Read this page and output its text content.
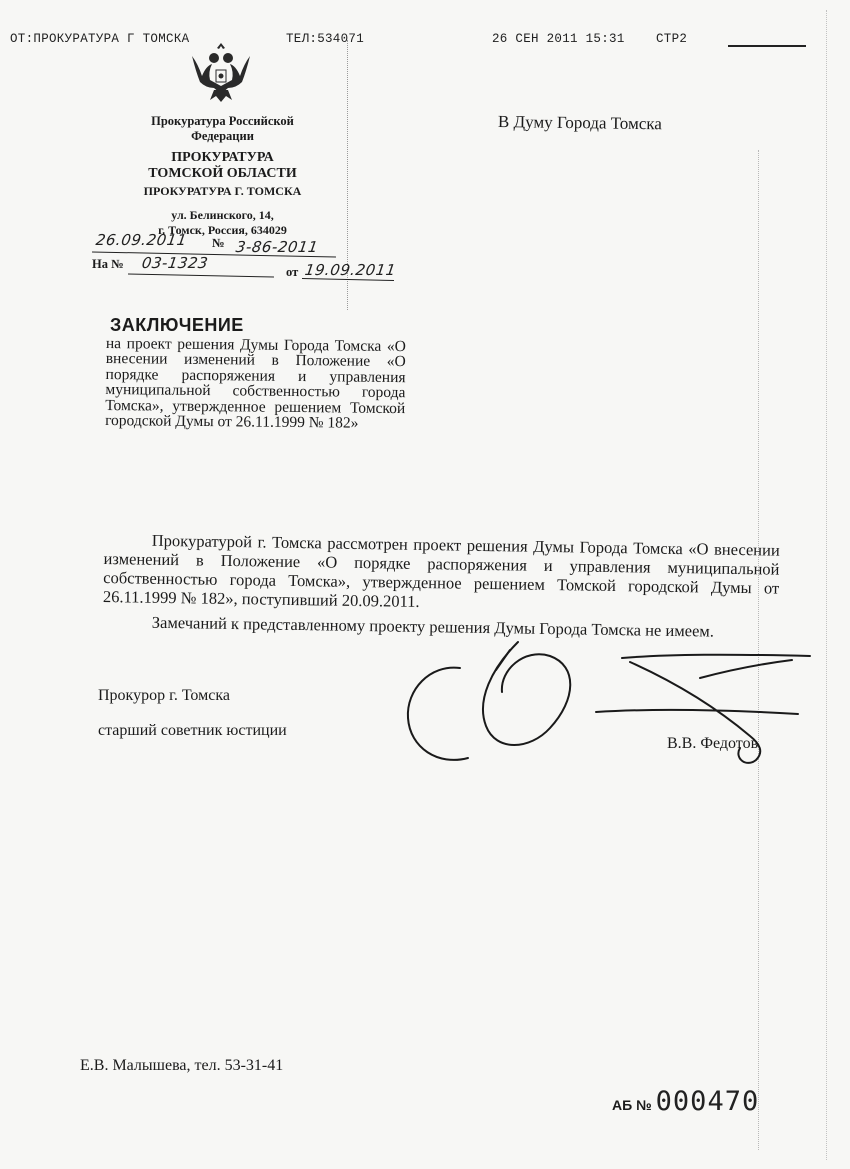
ОТ:ПРОКУРАТУРА Г ТОМСКА	ТЕЛ:534071	26 СЕН 2011 15:31	СТР2
Прокуратура Российской
Федерации
ПРОКУРАТУРА
ТОМСКОЙ ОБЛАСТИ
ПРОКУРАТУРА Г. ТОМСКА
ул. Белинского, 14,
г. Томск, Россия, 634029
26.09.2011 № 3-86-2011
На № 03-1323	от 19.09.2011
В Думу Города Томска
ЗАКЛЮЧЕНИЕ
на проект решения Думы Города Томска «О внесении изменений в Положение «О порядке распоряжения и управления муниципальной собственностью города Томска», утвержденное решением Томской городской Думы от 26.11.1999 № 182»
Прокуратурой г. Томска рассмотрен проект решения Думы Города Томска «О внесении изменений в Положение «О порядке распоряжения и управления муниципальной собственностью города Томска», утвержденное решением Томской городской Думы от 26.11.1999 № 182», поступивший 20.09.2011.
Замечаний к представленному проекту решения Думы Города Томска не имеем.
Прокурор г. Томска
старший советник юстиции
В.В. Федотов
Е.В. Малышева, тел. 53-31-41
АБ № 000470
